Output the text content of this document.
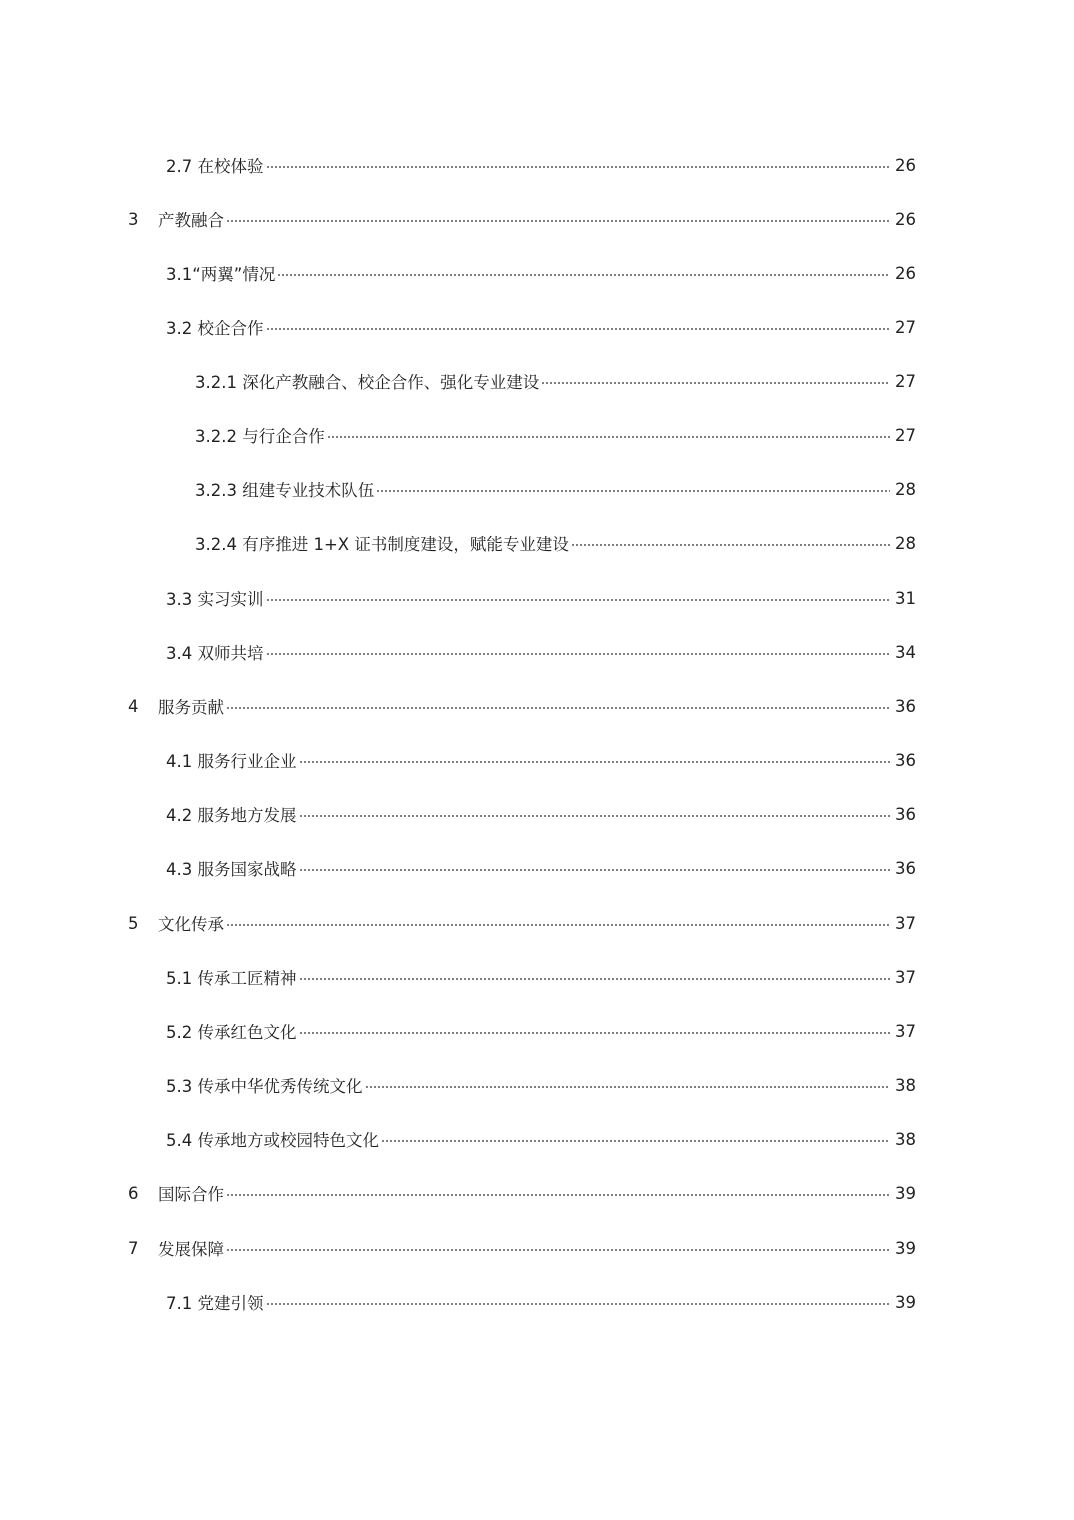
2.7 在校体验	26
3 产教融合	26
3.1“两翼”情况	26
3.2 校企合作	27
3.2.1 深化产教融合、校企合作、强化专业建设	27
3.2.2 与行企合作	27
3.2.3 组建专业技术队伍	28
3.2.4 有序推进 1+X 证书制度建设，赋能专业建设	28
3.3 实习实训	31
3.4 双师共培	34
4 服务贡献	36
4.1 服务行业企业	36
4.2 服务地方发展	36
4.3 服务国家战略	36
5 文化传承	37
5.1 传承工匠精神	37
5.2 传承红色文化	37
5.3 传承中华优秀传统文化	38
5.4 传承地方或校园特色文化	38
6 国际合作	39
7 发展保障	39
7.1 党建引领	39
